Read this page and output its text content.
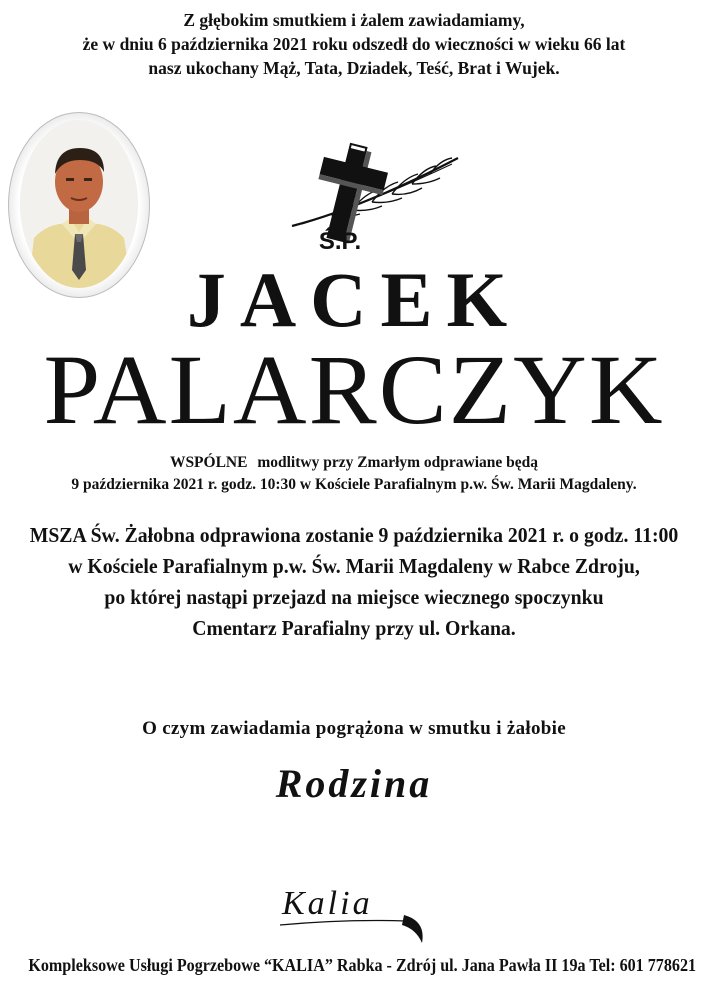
Z głębokim smutkiem i żalem zawiadamiamy,
że w dniu 6 października 2021 roku odszedł do wieczności w wieku 66 lat
nasz ukochany Mąż, Tata, Dziadek, Teść, Brat i Wujek.
Ś.P.
JACEK
PALARCZYK
WSPÓLNE modlitwy przy Zmarłym odprawiane będą
9 października 2021 r. godz. 10:30 w Kościele Parafialnym p.w. Św. Marii Magdaleny.
MSZA Św. Żałobna odprawiona zostanie 9 października 2021 r. o godz. 11:00
w Kościele Parafialnym p.w. Św. Marii Magdaleny w Rabce Zdroju,
po której nastąpi przejazd na miejsce wiecznego spoczynku
Cmentarz Parafialny przy ul. Orkana.
O czym zawiadamia pogrążona w smutku i żałobie
Rodzina
Kalia
Kompleksowe Usługi Pogrzebowe “KALIA” Rabka - Zdrój ul. Jana Pawła II 19a Tel: 601 778621
